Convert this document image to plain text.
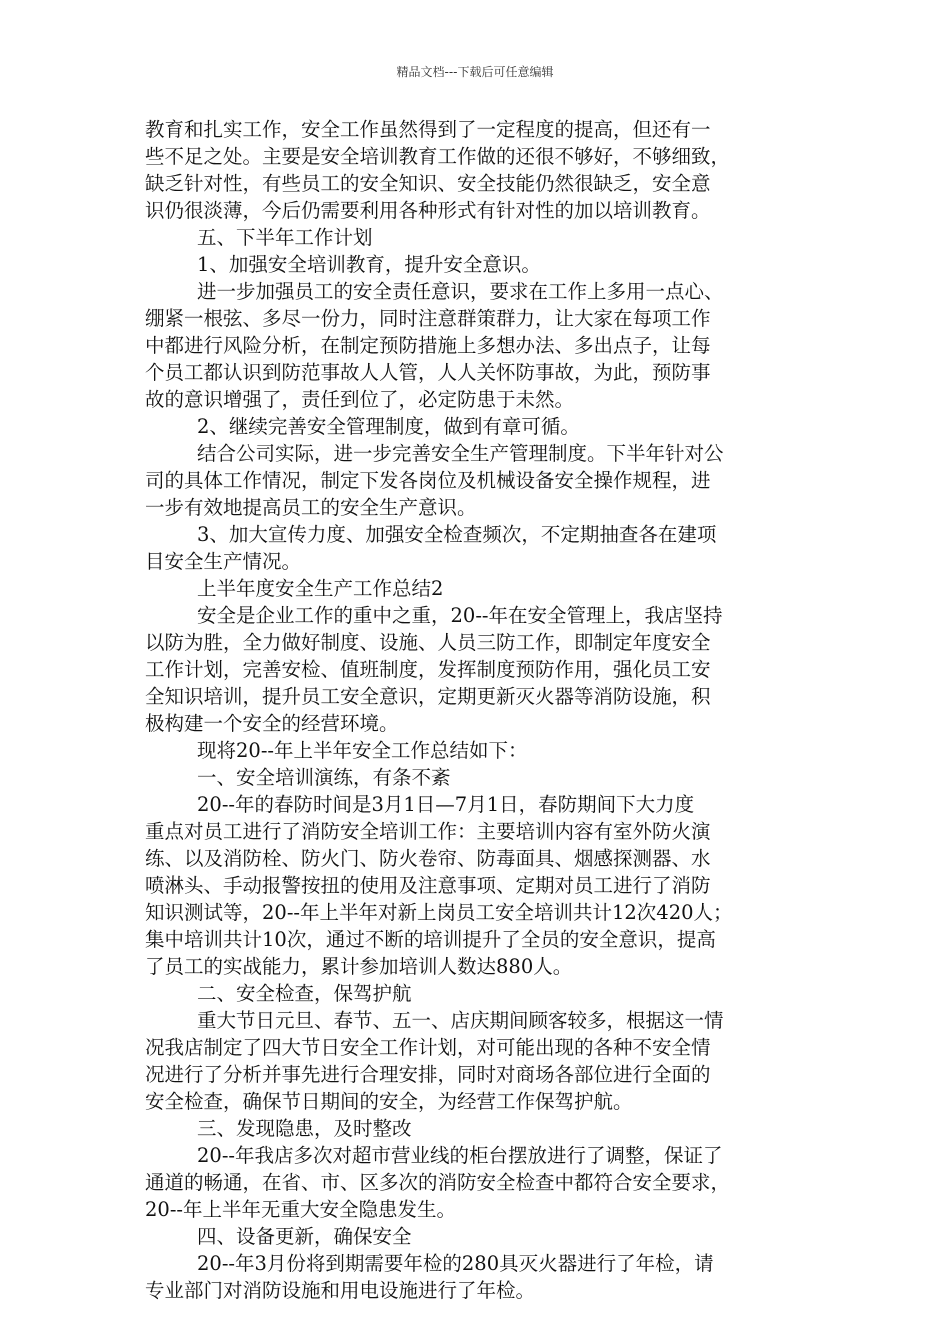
精品文档---下载后可任意编辑

教育和扎实工作，安全工作虽然得到了一定程度的提高，但还有一

些不足之处。主要是安全培训教育工作做的还很不够好，不够细致，

缺乏针对性，有些员工的安全知识、安全技能仍然很缺乏，安全意

识仍很淡薄，今后仍需要利用各种形式有针对性的加以培训教育。

五、下半年工作计划

1、加强安全培训教育，提升安全意识。

进一步加强员工的安全责任意识，要求在工作上多用一点心、

绷紧一根弦、多尽一份力，同时注意群策群力，让大家在每项工作

中都进行风险分析，在制定预防措施上多想办法、多出点子，让每

个员工都认识到防范事故人人管，人人关怀防事故，为此，预防事

故的意识增强了，责任到位了，必定防患于未然。

2、继续完善安全管理制度，做到有章可循。

结合公司实际，进一步完善安全生产管理制度。下半年针对公

司的具体工作情况，制定下发各岗位及机械设备安全操作规程，进

一步有效地提高员工的安全生产意识。

3、加大宣传力度、加强安全检查频次，不定期抽查各在建项

目安全生产情况。

上半年度安全生产工作总结2

安全是企业工作的重中之重，20--年在安全管理上，我店坚持

以防为胜，全力做好制度、设施、人员三防工作，即制定年度安全

工作计划，完善安检、值班制度，发挥制度预防作用，强化员工安

全知识培训，提升员工安全意识，定期更新灭火器等消防设施，积

极构建一个安全的经营环境。

现将20--年上半年安全工作总结如下：

一、安全培训演练，有条不紊

20--年的春防时间是3月1日—7月1日，春防期间下大力度

重点对员工进行了消防安全培训工作：主要培训内容有室外防火演

练、以及消防栓、防火门、防火卷帘、防毒面具、烟感探测器、水

喷淋头、手动报警按扭的使用及注意事项、定期对员工进行了消防

知识测试等，20--年上半年对新上岗员工安全培训共计12次420人；

集中培训共计10次，通过不断的培训提升了全员的安全意识，提高

了员工的实战能力，累计参加培训人数达880人。

二、安全检查，保驾护航

重大节日元旦、春节、五一、店庆期间顾客较多，根据这一情

况我店制定了四大节日安全工作计划，对可能出现的各种不安全情

况进行了分析并事先进行合理安排，同时对商场各部位进行全面的

安全检查，确保节日期间的安全，为经营工作保驾护航。

三、发现隐患，及时整改

20--年我店多次对超市营业线的柜台摆放进行了调整，保证了

通道的畅通，在省、市、区多次的消防安全检查中都符合安全要求，

20--年上半年无重大安全隐患发生。

四、设备更新，确保安全

20--年3月份将到期需要年检的280具灭火器进行了年检，请

专业部门对消防设施和用电设施进行了年检。
